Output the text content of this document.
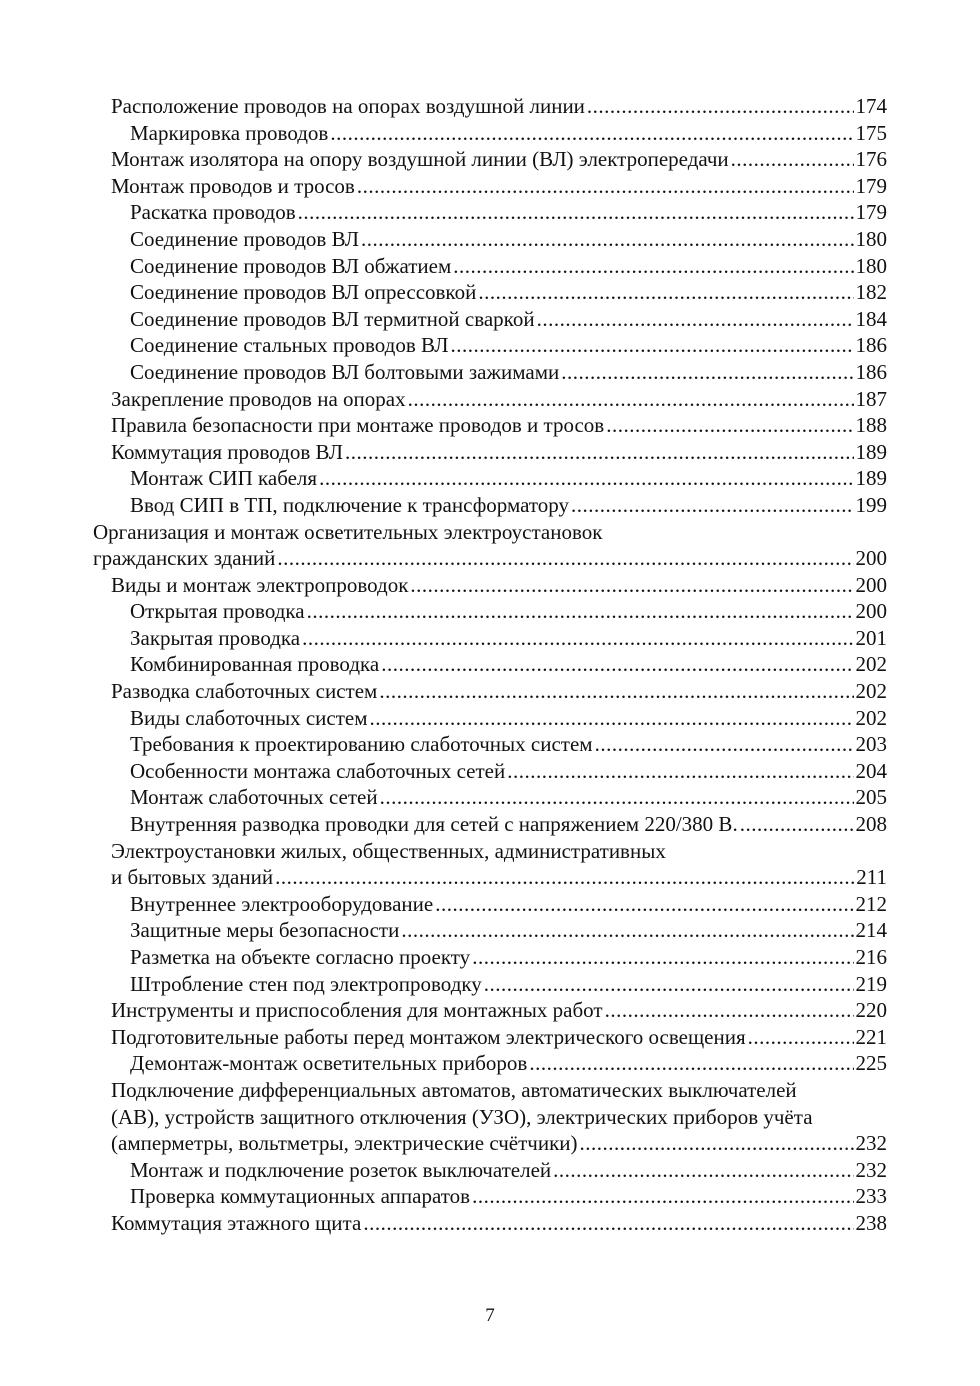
Расположение проводов на опорах воздушной линии .....	174
Маркировка проводов .....	175
Монтаж изолятора на опору воздушной линии (ВЛ) электропередачи .....	176
Монтаж проводов и тросов .....	179
Раскатка проводов .....	179
Соединение проводов ВЛ .....	180
Соединение проводов ВЛ обжатием .....	180
Соединение проводов ВЛ опрессовкой .....	182
Соединение проводов ВЛ термитной сваркой .....	184
Соединение стальных проводов ВЛ .....	186
Соединение проводов ВЛ болтовыми зажимами .....	186
Закрепление проводов на опорах .....	187
Правила безопасности при монтаже проводов и тросов .....	188
Коммутация проводов ВЛ .....	189
Монтаж СИП кабеля .....	189
Ввод СИП в ТП, подключение к трансформатору .....	199
Организация и монтаж осветительных электроустановок
гражданских зданий .....	200
Виды и монтаж электропроводок .....	200
Открытая проводка .....	200
Закрытая проводка .....	201
Комбинированная проводка .....	202
Разводка слаботочных систем .....	202
Виды слаботочных систем .....	202
Требования к проектированию слаботочных систем .....	203
Особенности монтажа слаботочных сетей .....	204
Монтаж слаботочных сетей .....	205
Внутренняя разводка проводки для сетей с напряжением 220/380 В. .....	208
Электроустановки жилых, общественных, административных
и бытовых зданий .....	211
Внутреннее электрооборудование .....	212
Защитные меры безопасности .....	214
Разметка на объекте согласно проекту .....	216
Штробление стен под электропроводку .....	219
Инструменты и приспособления для монтажных работ .....	220
Подготовительные работы перед монтажом электрического освещения .....	221
Демонтаж-монтаж осветительных приборов .....	225
Подключение дифференциальных автоматов, автоматических выключателей
(АВ), устройств защитного отключения (УЗО), электрических приборов учёта
(амперметры, вольтметры, электрические счётчики) .....	232
Монтаж и подключение розеток выключателей .....	232
Проверка коммутационных аппаратов .....	233
Коммутация этажного щита .....	238
7
